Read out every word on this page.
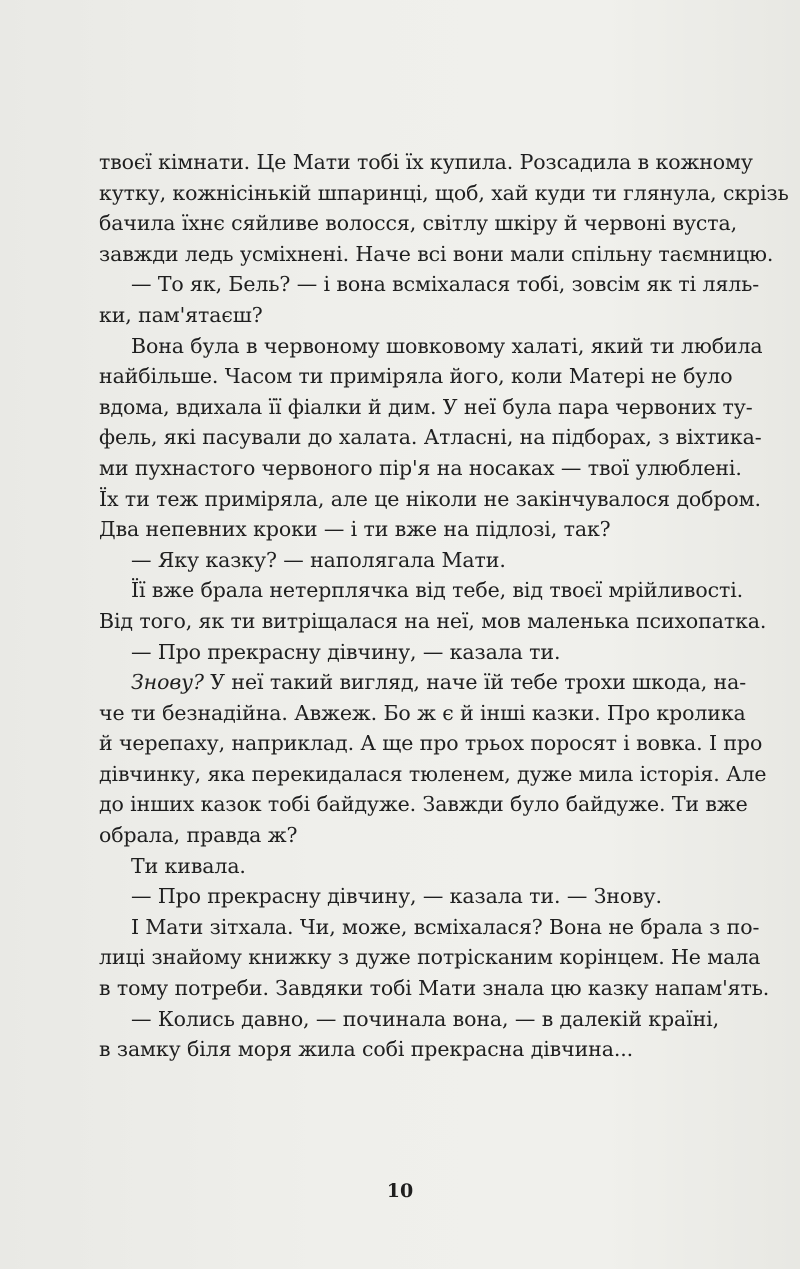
твоєї кімнати. Це Мати тобі їх купила. Розсадила в кожному
кутку, кожнісінькій шпаринці, щоб, хай куди ти глянула, скрізь
бачила їхнє сяйливе волосся, світлу шкіру й червоні вуста,
завжди ледь усміхнені. Наче всі вони мали спільну таємницю.
— То як, Бель? — і вона всміхалася тобі, зовсім як ті ляль-
ки, пам'ятаєш?
Вона була в червоному шовковому халаті, який ти любила
найбільше. Часом ти приміряла його, коли Матері не було
вдома, вдихала її фіалки й дим. У неї була пара червоних ту-
фель, які пасували до халата. Атласні, на підборах, з віхтика-
ми пухнастого червоного пір'я на носаках — твої улюблені.
Їх ти теж приміряла, але це ніколи не закінчувалося добром.
Два непевних кроки — і ти вже на підлозі, так?
— Яку казку? — наполягала Мати.
Її вже брала нетерплячка від тебе, від твоєї мрійливості.
Від того, як ти витріщалася на неї, мов маленька психопатка.
— Про прекрасну дівчину, — казала ти.
Знову? У неї такий вигляд, наче їй тебе трохи шкода, на-
че ти безнадійна. Авжеж. Бо ж є й інші казки. Про кролика
й черепаху, наприклад. А ще про трьох поросят і вовка. І про
дівчинку, яка перекидалася тюленем, дуже мила історія. Але
до інших казок тобі байдуже. Завжди було байдуже. Ти вже
обрала, правда ж?
Ти кивала.
— Про прекрасну дівчину, — казала ти. — Знову.
І Мати зітхала. Чи, може, всміхалася? Вона не брала з по-
лиці знайому книжку з дуже потрісканим корінцем. Не мала
в тому потреби. Завдяки тобі Мати знала цю казку напам'ять.
— Колись давно, — починала вона, — в далекій країні,
в замку біля моря жила собі прекрасна дівчина...
10
